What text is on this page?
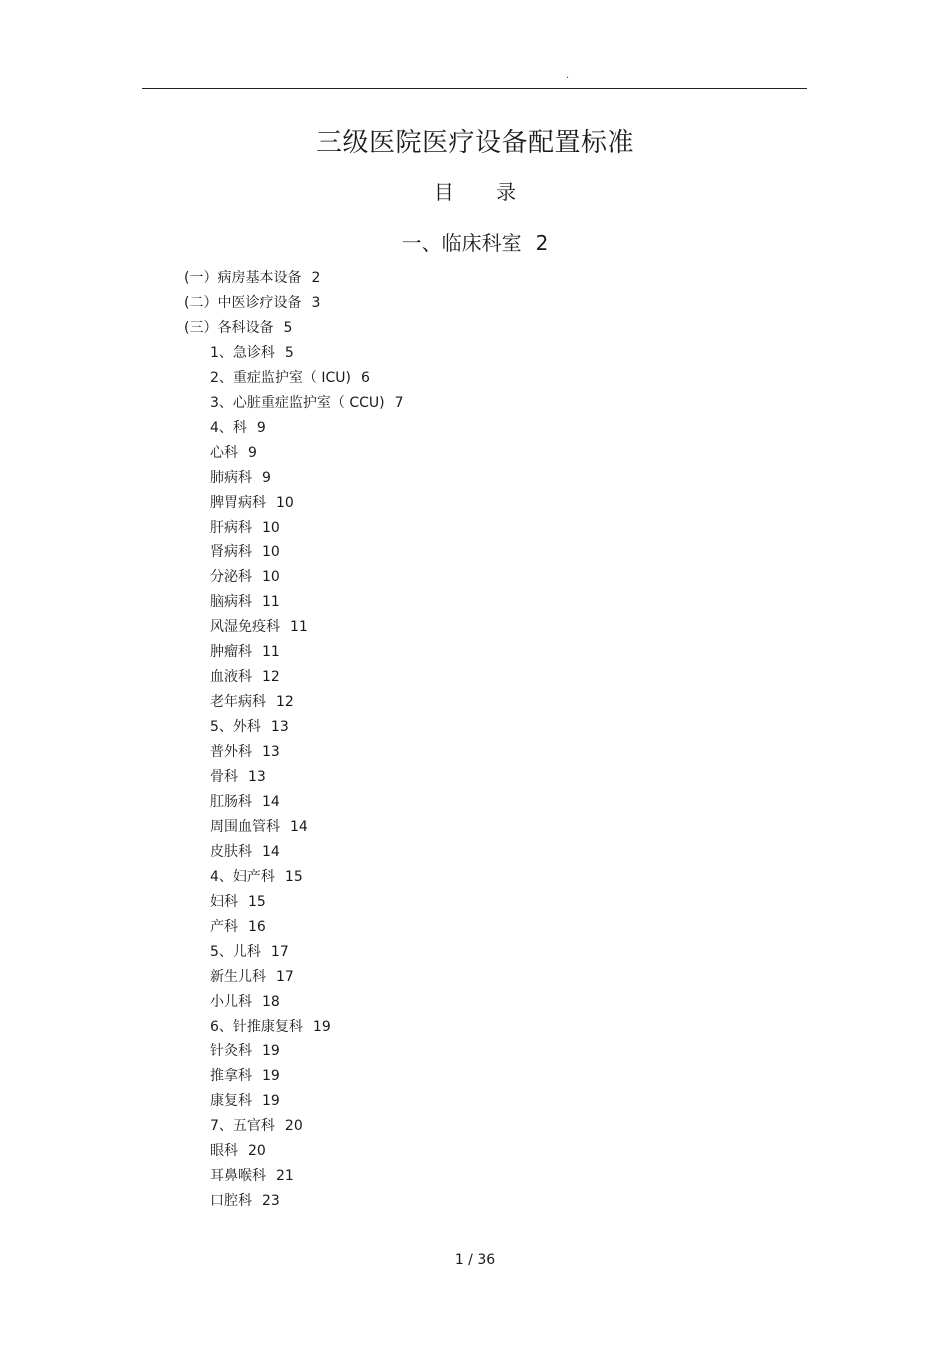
.
三级医院医疗设备配置标准
目 录
一、临床科室 2
(一）病房基本设备 2
(二）中医诊疗设备 3
(三）各科设备 5
1、急诊科 5
2、重症监护室（ ICU) 6
3、心脏重症监护室（ CCU) 7
4、科 9
心科 9
肺病科 9
脾胃病科 10
肝病科 10
肾病科 10
分泌科 10
脑病科 11
风湿免疫科 11
肿瘤科 11
血液科 12
老年病科 12
5、外科 13
普外科 13
骨科 13
肛肠科 14
周围血管科 14
皮肤科 14
4、妇产科 15
妇科 15
产科 16
5、儿科 17
新生儿科 17
小儿科 18
6、针推康复科 19
针灸科 19
推拿科 19
康复科 19
7、五官科 20
眼科 20
耳鼻喉科 21
口腔科 23
1 / 36
